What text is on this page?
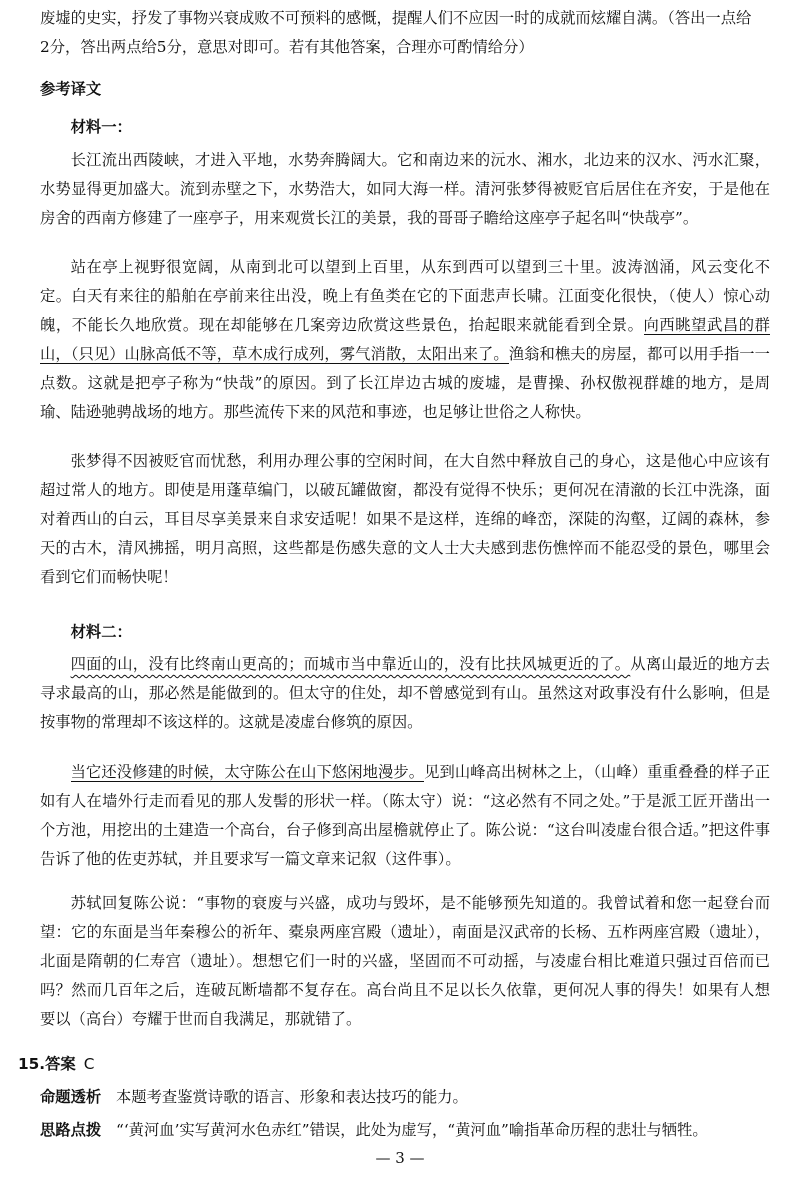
废墟的史实，抒发了事物兴衰成败不可预料的感慨，提醒人们不应因一时的成就而炫耀自满。（答出一点给

2分，答出两点给5分，意思对即可。若有其他答案，合理亦可酌情给分）

参考译文

材料一：

长江流出西陵峡，才进入平地，水势奔腾阔大。它和南边来的沅水、湘水，北边来的汉水、沔水汇聚，水势显得更加盛大。流到赤壁之下，水势浩大，如同大海一样。清河张梦得被贬官后居住在齐安，于是他在房舍的西南方修建了一座亭子，用来观赏长江的美景，我的哥哥子瞻给这座亭子起名叫“快哉亭”。

站在亭上视野很宽阔，从南到北可以望到上百里，从东到西可以望到三十里。波涛汹涌，风云变化不定。白天有来往的船舶在亭前来往出没，晚上有鱼类在它的下面悲声长啸。江面变化很快，（使人）惊心动魄，不能长久地欣赏。现在却能够在几案旁边欣赏这些景色，抬起眼来就能看到全景。向西眺望武昌的群山，（只见）山脉高低不等，草木成行成列，雾气消散，太阳出来了。渔翁和樵夫的房屋，都可以用手指一一点数。这就是把亭子称为“快哉”的原因。到了长江岸边古城的废墟，是曹操、孙权傲视群雄的地方，是周瑜、陆逊驰骋战场的地方。那些流传下来的风范和事迹，也足够让世俗之人称快。

张梦得不因被贬官而忧愁，利用办理公事的空闲时间，在大自然中释放自己的身心，这是他心中应该有超过常人的地方。即使是用蓬草编门，以破瓦罐做窗，都没有觉得不快乐；更何况在清澈的长江中洗涤，面对着西山的白云，耳目尽享美景来自求安适呢！如果不是这样，连绵的峰峦，深陡的沟壑，辽阔的森林，参天的古木，清风拂摇，明月高照，这些都是伤感失意的文人士大夫感到悲伤憔悴而不能忍受的景色，哪里会看到它们而畅快呢！

材料二：

四面的山，没有比终南山更高的；而城市当中靠近山的，没有比扶风城更近的了。从离山最近的地方去寻求最高的山，那必然是能做到的。但太守的住处，却不曾感觉到有山。虽然这对政事没有什么影响，但是按事物的常理却不该这样的。这就是凌虚台修筑的原因。

当它还没修建的时候，太守陈公在山下悠闲地漫步。见到山峰高出树林之上，（山峰）重重叠叠的样子正如有人在墙外行走而看见的那人发髻的形状一样。（陈太守）说：“这必然有不同之处。”于是派工匠开凿出一个方池，用挖出的土建造一个高台，台子修到高出屋檐就停止了。陈公说：“这台叫凌虚台很合适。”把这件事告诉了他的佐吏苏轼，并且要求写一篇文章来记叙（这件事）。

苏轼回复陈公说：“事物的衰废与兴盛，成功与毁坏，是不能够预先知道的。我曾试着和您一起登台而望：它的东面是当年秦穆公的祈年、橐泉两座宫殿（遗址），南面是汉武帝的长杨、五柞两座宫殿（遗址），北面是隋朝的仁寿宫（遗址）。想想它们一时的兴盛，坚固而不可动摇，与凌虚台相比难道只强过百倍而已吗？然而几百年之后，连破瓦断墙都不复存在。高台尚且不足以长久依靠，更何况人事的得失！如果有人想要以（高台）夸耀于世而自我满足，那就错了。

15.答案 C

命题透析 本题考查鉴赏诗歌的语言、形象和表达技巧的能力。

思路点拨 “‘黄河血’实写黄河水色赤红”错误，此处为虚写，“黄河血”喻指革命历程的悲壮与牺牲。

— 3 —
